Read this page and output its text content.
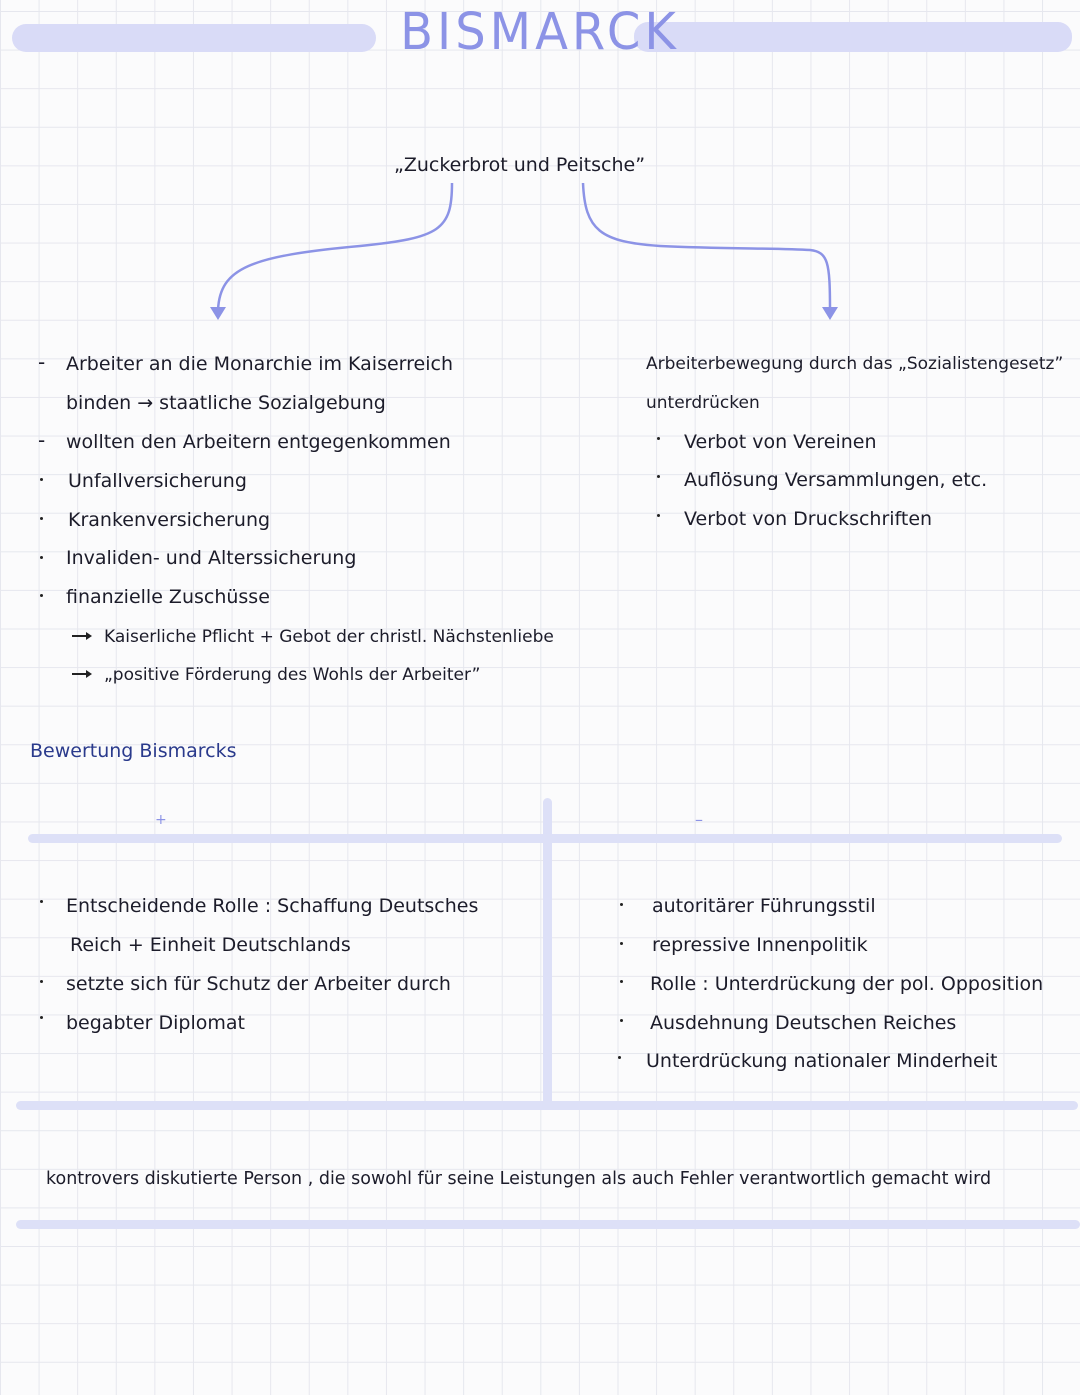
BISMARCK
„Zuckerbrot und Peitsche”
- Arbeiter an die Monarchie im Kaiserreich
binden → staatliche Sozialgebung
- wollten den Arbeitern entgegenkommen
Unfallversicherung
Krankenversicherung
Invaliden- und Alterssicherung
finanzielle Zuschüsse
Kaiserliche Pflicht + Gebot der christl. Nächstenliebe
„positive Förderung des Wohls der Arbeiter”
Arbeiterbewegung durch das „Sozialistengesetz”
unterdrücken
Verbot von Vereinen
Auflösung Versammlungen, etc.
Verbot von Druckschriften
Bewertung Bismarcks
+	–
Entscheidende Rolle : Schaffung Deutsches
Reich + Einheit Deutschlands
setzte sich für Schutz der Arbeiter durch
begabter Diplomat
autoritärer Führungsstil
repressive Innenpolitik
Rolle : Unterdrückung der pol. Opposition
Ausdehnung Deutschen Reiches
Unterdrückung nationaler Minderheit
kontrovers diskutierte Person , die sowohl für seine Leistungen als auch Fehler verantwortlich gemacht wird
